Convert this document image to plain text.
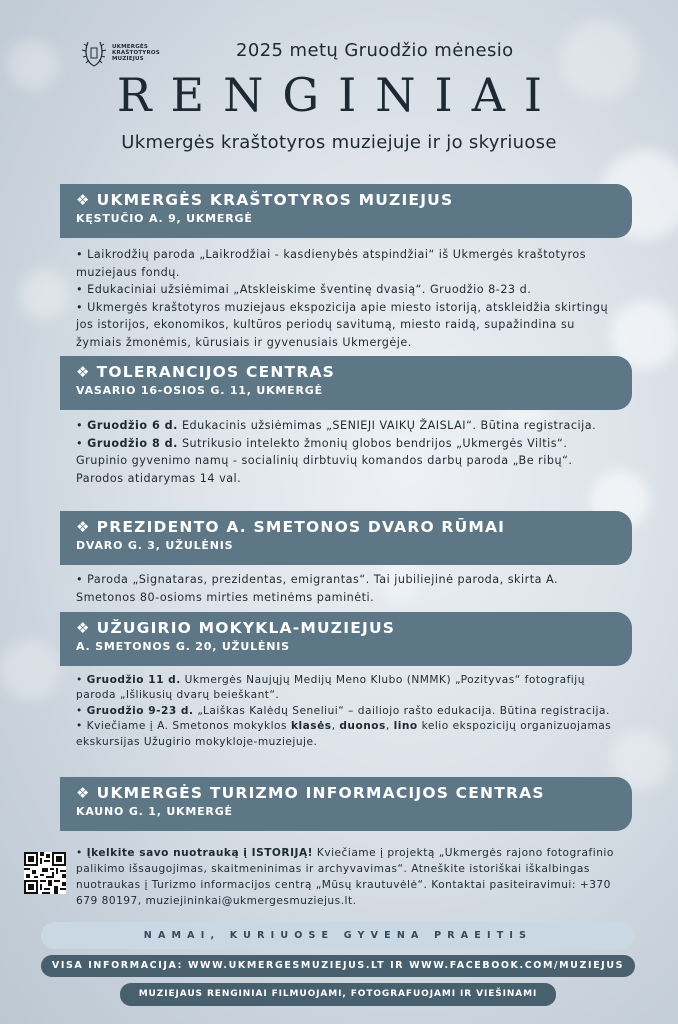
UKMERGĖS
KRAŠTOTYROS
MUZIEJUS	2025 metų Gruodžio mėnesio
RENGINIAI
Ukmergės kraštotyros muziejuje ir jo skyriuose
❖ UKMERGĖS KRAŠTOTYROS MUZIEJUS
KĘSTUČIO A. 9, UKMERGĖ

• Laikrodžių paroda „Laikrodžiai - kasdienybės atspindžiai“ iš Ukmergės kraštotyros muziejaus fondų.

• Edukaciniai užsiėmimai „Atskleiskime šventinę dvasią“. Gruodžio 8-23 d.

• Ukmergės kraštotyros muziejaus ekspozicija apie miesto istoriją, atskleidžia skirtingų jos istorijos, ekonomikos, kultūros periodų savitumą, miesto raidą, supažindina su žymiais žmonėmis, kūrusiais ir gyvenusiais Ukmergėje.

❖ TOLERANCIJOS CENTRAS
VASARIO 16-OSIOS G. 11, UKMERGĖ

• Gruodžio 6 d. Edukacinis užsiėmimas „SENIEJI VAIKŲ ŽAISLAI“. Būtina registracija.

• Gruodžio 8 d. Sutrikusio intelekto žmonių globos bendrijos „Ukmergės Viltis“. Grupinio gyvenimo namų - socialinių dirbtuvių komandos darbų paroda „Be ribų“. Parodos atidarymas 14 val.

❖ PREZIDENTO A. SMETONOS DVARO RŪMAI
DVARO G. 3, UŽULĖNIS

• Paroda „Signataras, prezidentas, emigrantas“. Tai jubiliejinė paroda, skirta A. Smetonos 80-osioms mirties metinėms paminėti.

❖ UŽUGIRIO MOKYKLA-MUZIEJUS
A. SMETONOS G. 20, UŽULĖNIS

• Gruodžio 11 d. Ukmergės Naujųjų Medijų Meno Klubo (NMMK) „Pozityvas“ fotografijų paroda „Išlikusių dvarų beieškant“.

• Gruodžio 9-23 d. „Laiškas Kalėdų Seneliui“ – dailiojo rašto edukacija. Būtina registracija.

• Kviečiame į A. Smetonos mokyklos klasės, duonos, lino kelio ekspozicijų organizuojamas ekskursijas Užugirio mokykloje-muziejuje.

❖ UKMERGĖS TURIZMO INFORMACIJOS CENTRAS
KAUNO G. 1, UKMERGĖ

• Įkelkite savo nuotrauką į ISTORIJĄ! Kviečiame į projektą „Ukmergės rajono fotografinio palikimo išsaugojimas, skaitmeninimas ir archyvavimas“. Atneškite istoriškai iškalbingas nuotraukas į Turizmo informacijos centrą „Mūsų krautuvėlė“. Kontaktai pasiteiravimui: +370 679 80197, muziejininkai@ukmergesmuziejus.lt.

NAMAI, KURIUOSE GYVENA PRAEITIS
VISA INFORMACIJA: WWW.UKMERGESMUZIEJUS.LT IR WWW.FACEBOOK.COM/MUZIEJUS
MUZIEJAUS RENGINIAI FILMUOJAMI, FOTOGRAFUOJAMI IR VIEŠINAMI
